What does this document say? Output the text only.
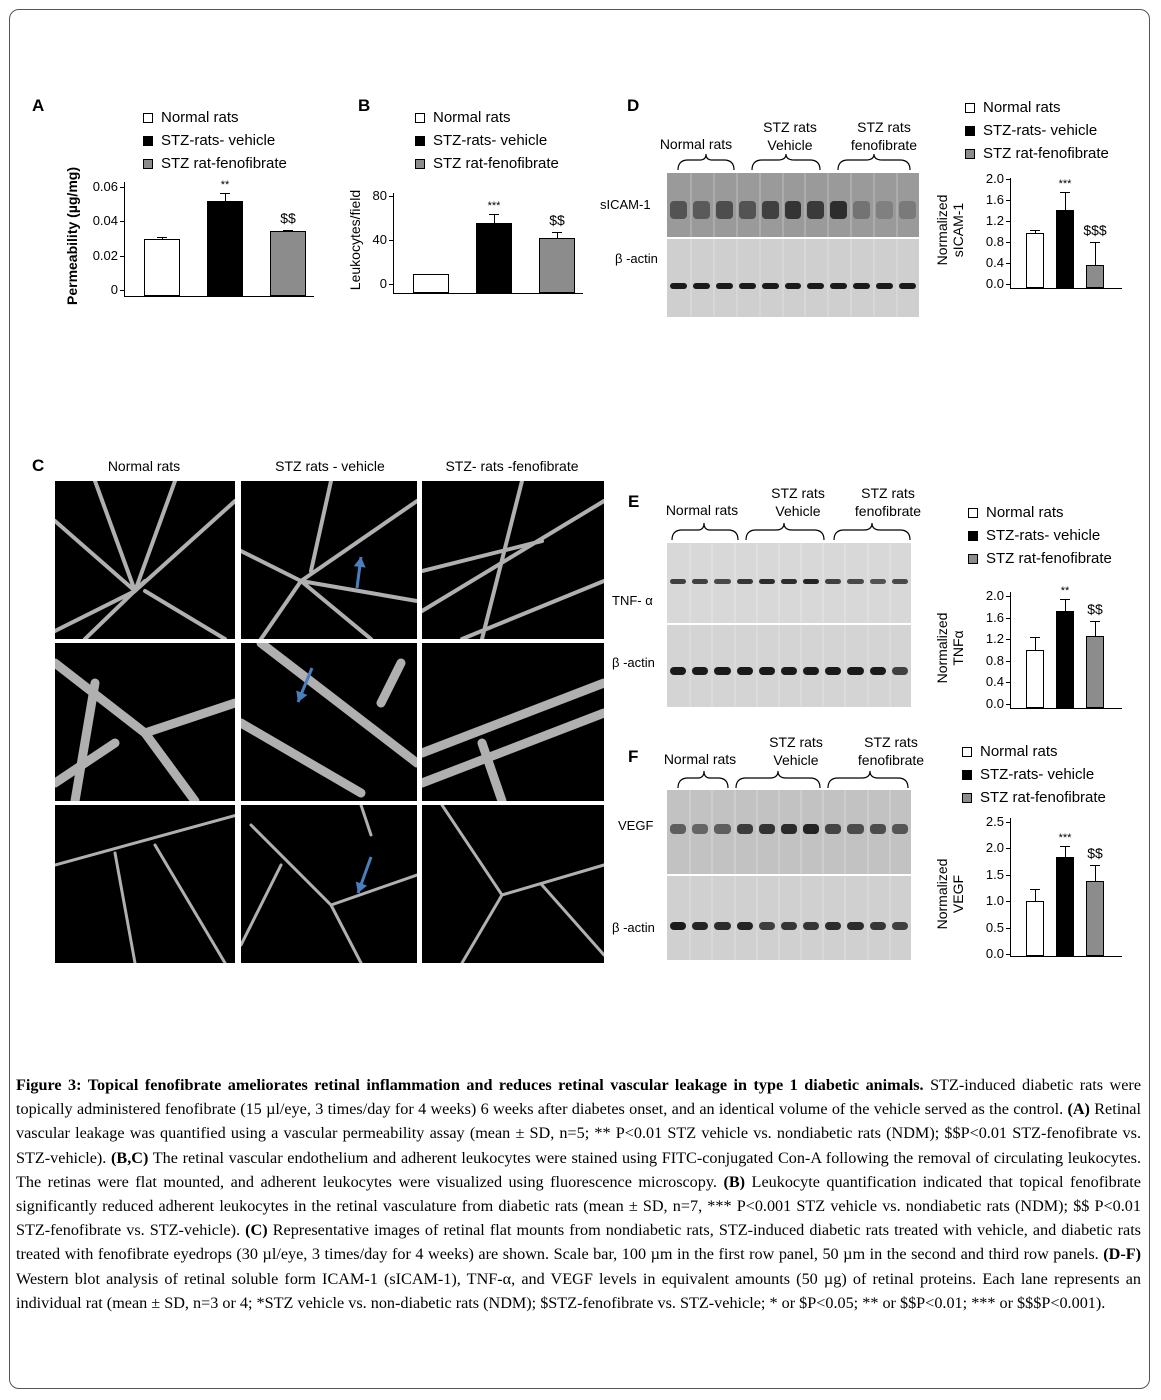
A
Normal rats
STZ-rats- vehicle
STZ rat-fenofibrate
Permeability (µg/mg) 0.06
0.04
0.02
0
**
$$
B
Normal rats
STZ-rats- vehicle
STZ rat-fenofibrate
Leukocytes/field 80
40
0
***
$$
D
Normal rats
STZ rats Vehicle
STZ rats fenofibrate
sICAM-1
β -actin
Normal rats
STZ-rats- vehicle
STZ rat-fenofibrate
Normalized
sICAM-1
2.0
1.6
1.2
0.8
0.4
0.0
***
$$$
C	Normal rats	STZ rats - vehicle	STZ- rats -fenofibrate
E	Normal rats
STZ rats Vehicle
STZ rats fenofibrate
TNF- α
β -actin
Normal rats
STZ-rats- vehicle
STZ rat-fenofibrate
Normalized
TNFα
2.0
1.6
1.2
0.8
0.4
0.0
**
$$
F	Normal rats
STZ rats Vehicle
STZ rats fenofibrate
VEGF
β -actin
Normal rats
STZ-rats- vehicle
STZ rat-fenofibrate
Normalized
VEGF
2.5
2.0
1.5
1.0
0.5
0.0
***
$$
Figure 3: Topical fenofibrate ameliorates retinal inflammation and reduces retinal vascular leakage in type 1 diabetic animals. STZ-induced diabetic rats were topically administered fenofibrate (15 µl/eye, 3 times/day for 4 weeks) 6 weeks after diabetes onset, and an identical volume of the vehicle served as the control. (A) Retinal vascular leakage was quantified using a vascular permeability assay (mean ± SD, n=5; ** P<0.01 STZ vehicle vs. nondiabetic rats (NDM); $$P<0.01 STZ-fenofibrate vs. STZ-vehicle). (B,C) The retinal vascular endothelium and adherent leukocytes were stained using FITC-conjugated Con-A following the removal of circulating leukocytes. The retinas were flat mounted, and adherent leukocytes were visualized using fluorescence microscopy. (B) Leukocyte quantification indicated that topical fenofibrate significantly reduced adherent leukocytes in the retinal vasculature from diabetic rats (mean ± SD, n=7, *** P<0.001 STZ vehicle vs. nondiabetic rats (NDM); $$ P<0.01 STZ-fenofibrate vs. STZ-vehicle). (C) Representative images of retinal flat mounts from nondiabetic rats, STZ-induced diabetic rats treated with vehicle, and diabetic rats treated with fenofibrate eyedrops (30 µl/eye, 3 times/day for 4 weeks) are shown. Scale bar, 100 µm in the first row panel, 50 µm in the second and third row panels. (D-F) Western blot analysis of retinal soluble form ICAM-1 (sICAM-1), TNF-α, and VEGF levels in equivalent amounts (50 µg) of retinal proteins. Each lane represents an individual rat (mean ± SD, n=3 or 4; *STZ vehicle vs. non-diabetic rats (NDM); $STZ-fenofibrate vs. STZ-vehicle; * or $P<0.05; ** or $$P<0.01; *** or $$$P<0.001).
